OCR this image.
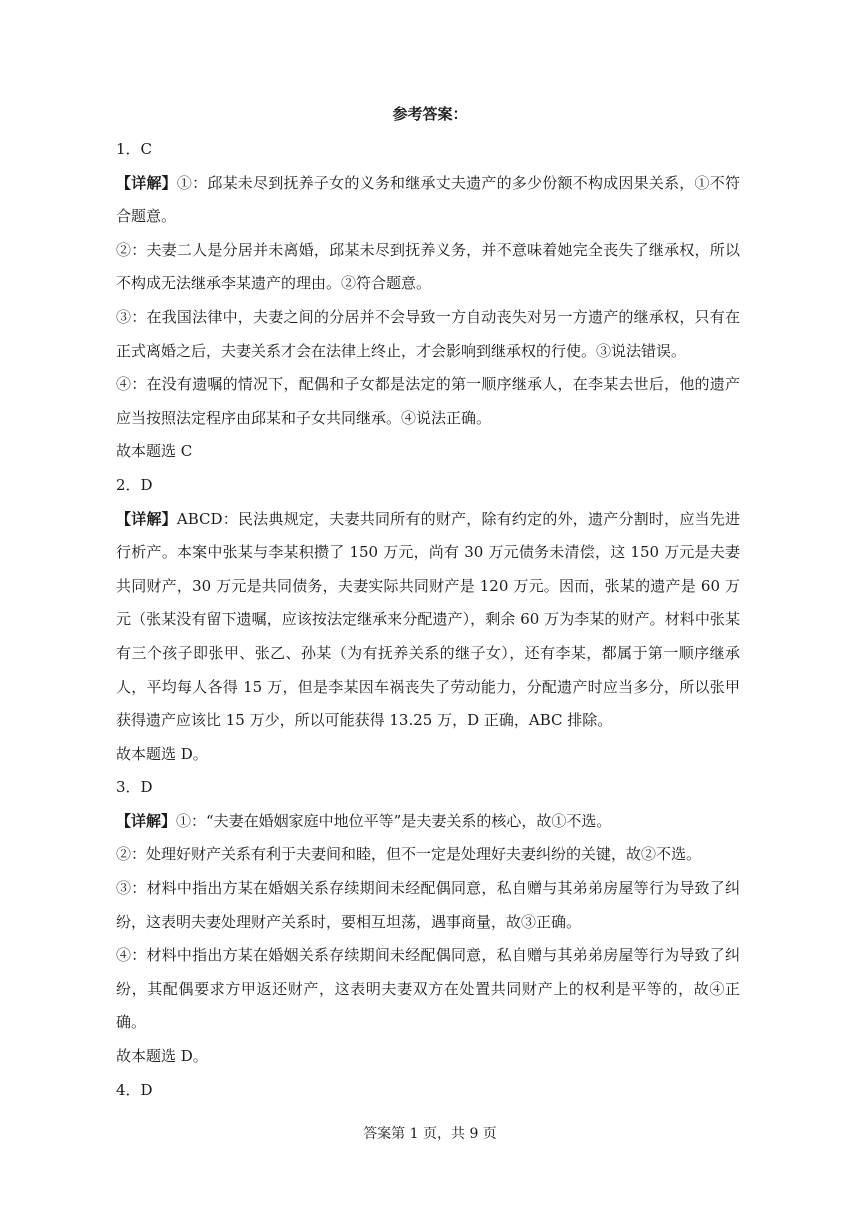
参考答案：

1．C

【详解】①：邱某未尽到抚养子女的义务和继承丈夫遗产的多少份额不构成因果关系，①不符合题意。

②：夫妻二人是分居并未离婚，邱某未尽到抚养义务，并不意味着她完全丧失了继承权，所以不构成无法继承李某遗产的理由。②符合题意。

③：在我国法律中，夫妻之间的分居并不会导致一方自动丧失对另一方遗产的继承权，只有在正式离婚之后，夫妻关系才会在法律上终止，才会影响到继承权的行使。③说法错误。

④：在没有遗嘱的情况下，配偶和子女都是法定的第一顺序继承人，在李某去世后，他的遗产应当按照法定程序由邱某和子女共同继承。④说法正确。

故本题选 C

2．D

【详解】ABCD：民法典规定，夫妻共同所有的财产，除有约定的外，遗产分割时，应当先进行析产。本案中张某与李某积攒了 150 万元，尚有 30 万元债务未清偿，这 150 万元是夫妻共同财产，30 万元是共同债务，夫妻实际共同财产是 120 万元。因而，张某的遗产是 60 万元（张某没有留下遗嘱，应该按法定继承来分配遗产），剩余 60 万为李某的财产。材料中张某有三个孩子即张甲、张乙、孙某（为有抚养关系的继子女），还有李某，都属于第一顺序继承人，平均每人各得 15 万，但是李某因车祸丧失了劳动能力，分配遗产时应当多分，所以张甲获得遗产应该比 15 万少，所以可能获得 13.25 万，D 正确，ABC 排除。

故本题选 D。

3．D

【详解】①：“夫妻在婚姻家庭中地位平等”是夫妻关系的核心，故①不选。

②：处理好财产关系有利于夫妻间和睦，但不一定是处理好夫妻纠纷的关键，故②不选。

③：材料中指出方某在婚姻关系存续期间未经配偶同意，私自赠与其弟弟房屋等行为导致了纠纷，这表明夫妻处理财产关系时，要相互坦荡，遇事商量，故③正确。

④：材料中指出方某在婚姻关系存续期间未经配偶同意，私自赠与其弟弟房屋等行为导致了纠纷，其配偶要求方甲返还财产，这表明夫妻双方在处置共同财产上的权利是平等的，故④正确。

故本题选 D。

4．D

答案第 1 页，共 9 页
